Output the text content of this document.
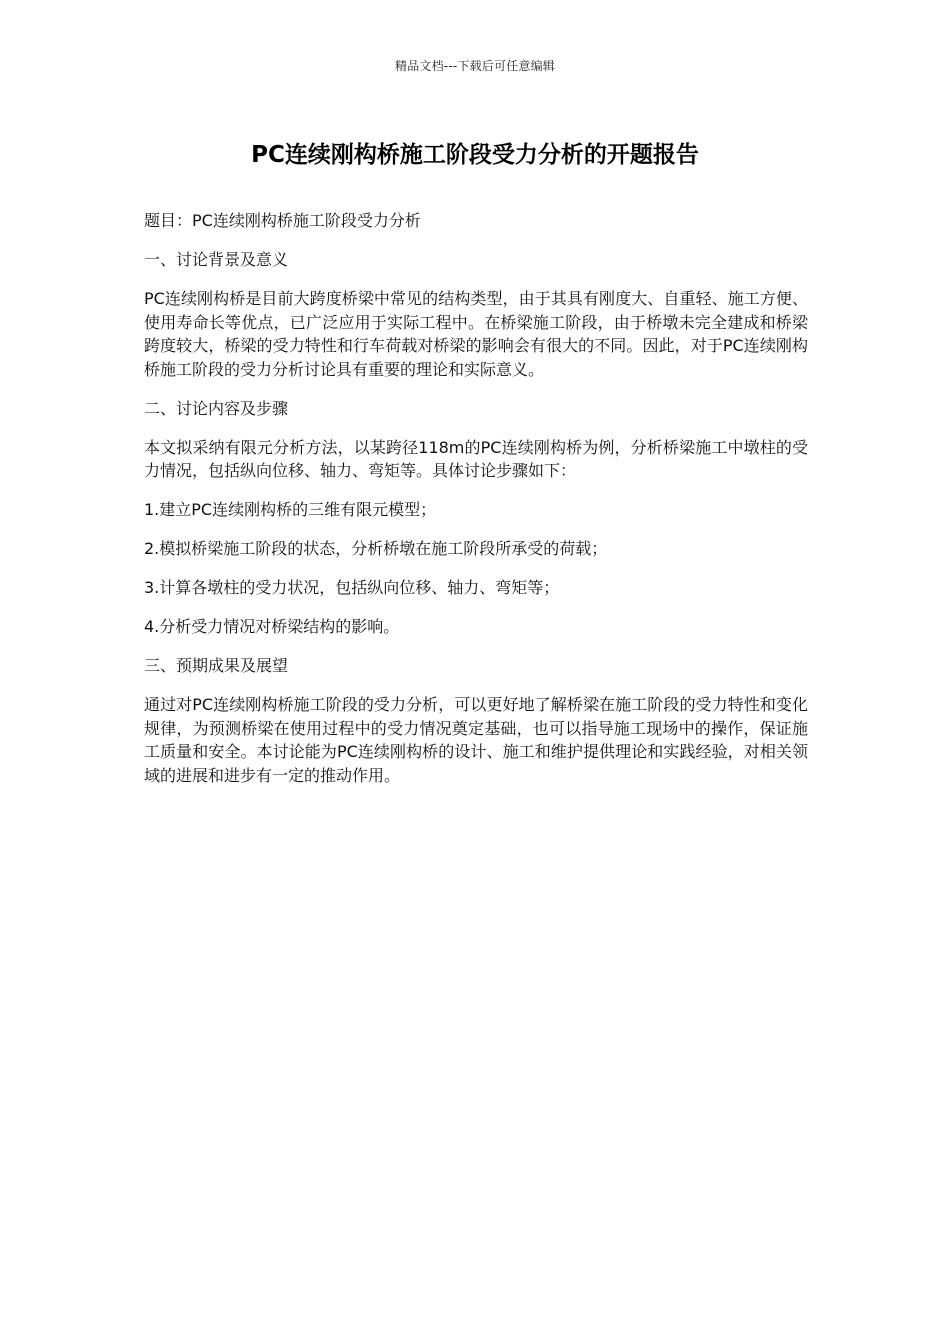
精品文档---下载后可任意编辑
PC连续刚构桥施工阶段受力分析的开题报告

题目：PC连续刚构桥施工阶段受力分析

一、讨论背景及意义

PC连续刚构桥是目前大跨度桥梁中常见的结构类型，由于其具有刚度大、自重轻、施工方便、使用寿命长等优点，已广泛应用于实际工程中。在桥梁施工阶段，由于桥墩未完全建成和桥梁跨度较大，桥梁的受力特性和行车荷载对桥梁的影响会有很大的不同。因此，对于PC连续刚构桥施工阶段的受力分析讨论具有重要的理论和实际意义。

二、讨论内容及步骤

本文拟采纳有限元分析方法，以某跨径118m的PC连续刚构桥为例，分析桥梁施工中墩柱的受力情况，包括纵向位移、轴力、弯矩等。具体讨论步骤如下：

1.建立PC连续刚构桥的三维有限元模型；

2.模拟桥梁施工阶段的状态，分析桥墩在施工阶段所承受的荷载；

3.计算各墩柱的受力状况，包括纵向位移、轴力、弯矩等；

4.分析受力情况对桥梁结构的影响。

三、预期成果及展望

通过对PC连续刚构桥施工阶段的受力分析，可以更好地了解桥梁在施工阶段的受力特性和变化规律，为预测桥梁在使用过程中的受力情况奠定基础，也可以指导施工现场中的操作，保证施工质量和安全。本讨论能为PC连续刚构桥的设计、施工和维护提供理论和实践经验，对相关领域的进展和进步有一定的推动作用。
